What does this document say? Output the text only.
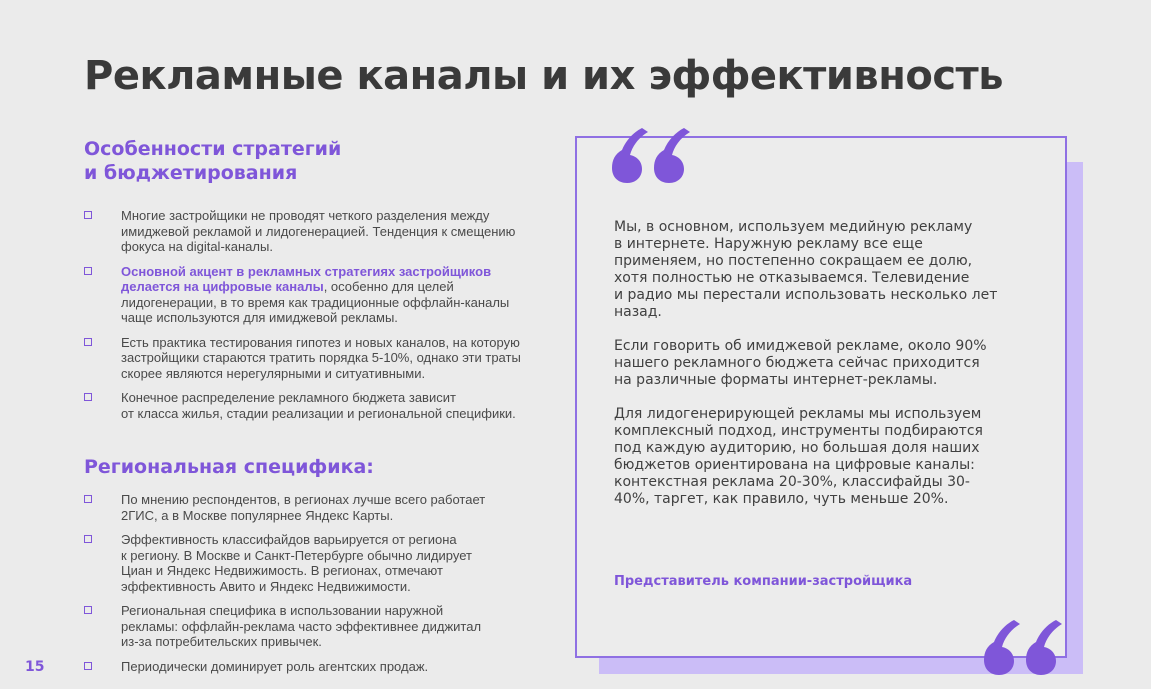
Рекламные каналы и их эффективность
Особенности стратегий
и бюджетирования
Многие застройщики не проводят четкого разделения между
имиджевой рекламой и лидогенерацией. Тенденция к смещению
фокуса на digital-каналы.
Основной акцент в рекламных стратегиях застройщиков
делается на цифровые каналы, особенно для целей
лидогенерации, в то время как традиционные оффлайн-каналы
чаще используются для имиджевой рекламы.
Есть практика тестирования гипотез и новых каналов, на которую
застройщики стараются тратить порядка 5-10%, однако эти траты
скорее являются нерегулярными и ситуативными.
Конечное распределение рекламного бюджета зависит
от класса жилья, стадии реализации и региональной специфики.
Региональная специфика:
По мнению респондентов, в регионах лучше всего работает
2ГИС, а в Москве популярнее Яндекс Карты.
Эффективность классифайдов варьируется от региона
к региону. В Москве и Санкт-Петербурге обычно лидирует
Циан и Яндекс Недвижимость. В регионах, отмечают
эффективность Авито и Яндекс Недвижимости.
Региональная специфика в использовании наружной
рекламы: оффлайн-реклама часто эффективнее диджитал
из-за потребительских привычек.
Периодически доминирует роль агентских продаж.
15

Мы, в основном, используем медийную рекламу
в интернете. Наружную рекламу все еще
применяем, но постепенно сокращаем ее долю,
хотя полностью не отказываемся. Телевидение
и радио мы перестали использовать несколько лет
назад.

Если говорить об имиджевой рекламе, около 90%
нашего рекламного бюджета сейчас приходится
на различные форматы интернет-рекламы.

Для лидогенерирующей рекламы мы используем
комплексный подход, инструменты подбираются
под каждую аудиторию, но большая доля наших
бюджетов ориентирована на цифровые каналы:
контекстная реклама 20-30%, классифайды 30-
40%, таргет, как правило, чуть меньше 20%.

Представитель компании-застройщика
